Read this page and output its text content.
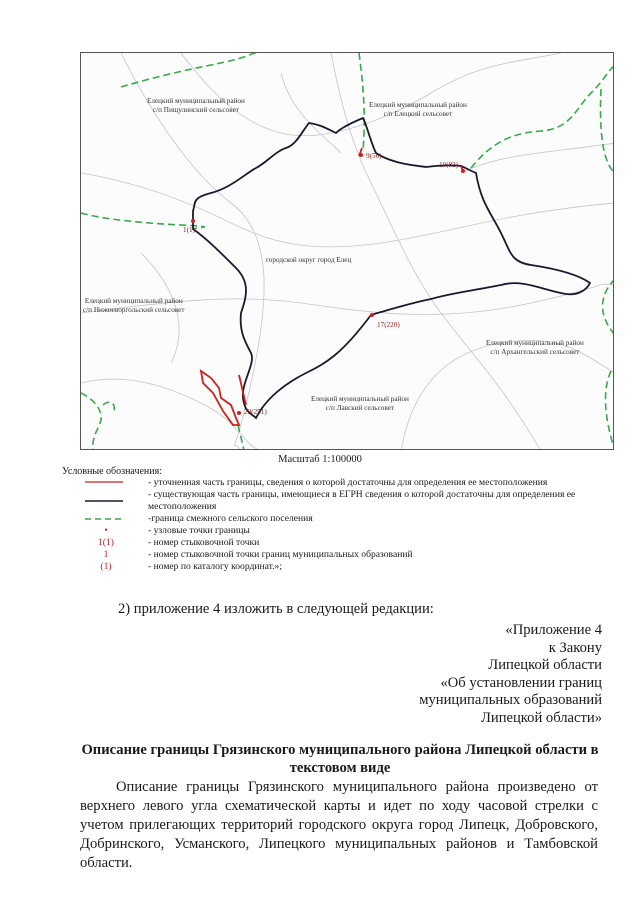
Елецкий муниципальный район
с/п Пищулинский сельсовет
Елецкий муниципальный район
с/п Елецкий сельсовет
городской округ город Елец
Елецкий муниципальный район
с/п Нижневоргольский сельсовет
Елецкий муниципальный район
с/п Архангельский сельсовет
Елецкий муниципальный район
с/п Лавский сельсовет
9(56)
10(82)
1(1)
17(220)
20(251)
Масштаб 1:100000
Условные обозначения:
- уточненная часть границы, сведения о которой достаточны для определения ее местоположения
- существующая часть границы, имеющиеся в ЕГРН сведения о которой достаточны для определения ее местоположения
-граница смежного сельского поселения
•	- узловые точки границы
1(1)	- номер стыковочной точки
1	- номер стыковочной точки границ муниципальных образований
(1)	- номер по каталогу координат.»;
2) приложение 4 изложить в следующей редакции:
«Приложение 4
к Закону
Липецкой области
«Об установлении границ
муниципальных образований
Липецкой области»
Описание границы Грязинского муниципального района Липецкой области в текстовом виде
Описание границы Грязинского муниципального района произведено от верхнего левого угла схематической карты и идет по ходу часовой стрелки с учетом прилегающих территорий городского округа город Липецк, Добровского, Добринского, Усманского, Липецкого муниципальных районов и Тамбовской области.
